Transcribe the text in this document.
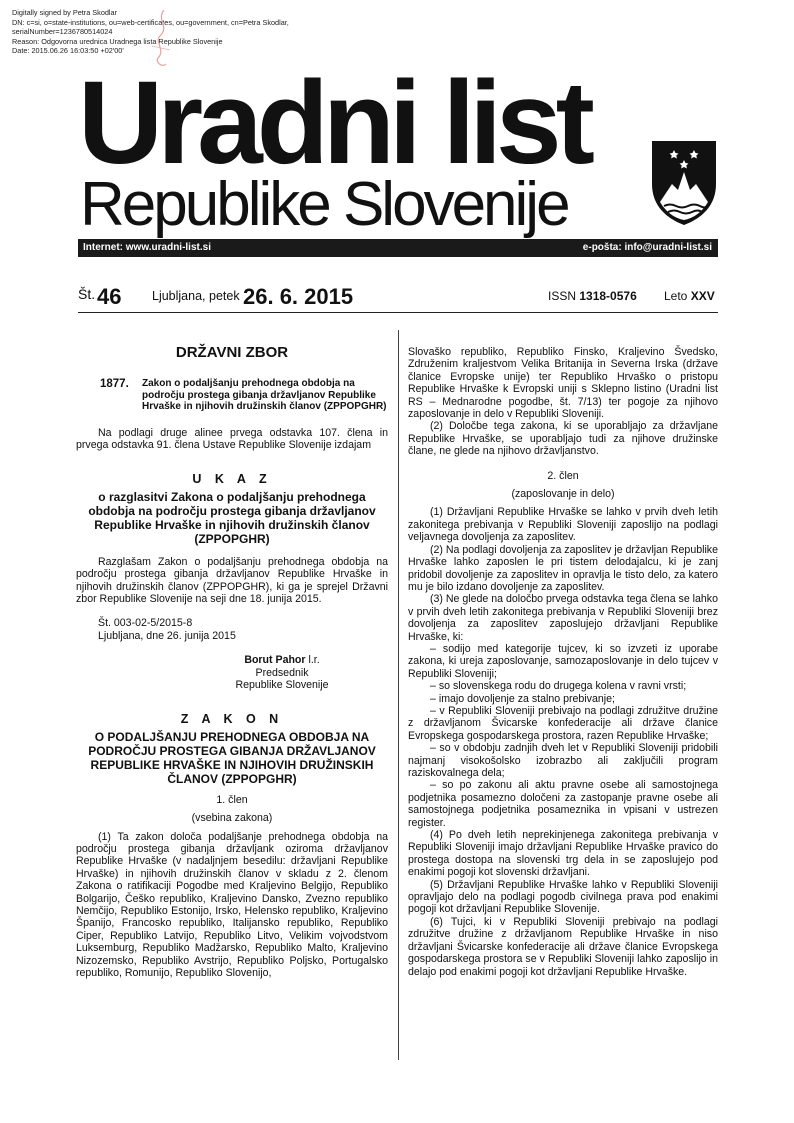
Digitally signed by Petra Skodlar
DN: c=si, o=state-institutions, ou=web-certificates, ou=government, cn=Petra Skodlar,
serialNumber=1236780514024
Reason: Odgovorna urednica Uradnega lista Republike Slovenije
Date: 2015.06.26 16:03:50 +02'00'
Uradni list
Republike Slovenije
Internet: www.uradni-list.si	e-pošta: info@uradni-list.si
Št. 46 Ljubljana, petek 26. 6. 2015	ISSN 1318-0576 Leto XXV
DRŽAVNI ZBOR
1877.	Zakon o podaljšanju prehodnega obdobja na področju prostega gibanja državljanov Republike Hrvaške in njihovih družinskih članov (ZPPOPGHR)

Na podlagi druge alinee prvega odstavka 107. člena in prvega odstavka 91. člena Ustave Republike Slovenije izdajam

U K A Z
o razglasitvi Zakona o podaljšanju prehodnega obdobja na področju prostega gibanja državljanov Republike Hrvaške in njihovih družinskih članov (ZPPOPGHR)

Razglašam Zakon o podaljšanju prehodnega obdobja na področju prostega gibanja državljanov Republike Hrvaške in njihovih družinskih članov (ZPPOPGHR), ki ga je sprejel Državni zbor Republike Slovenije na seji dne 18. junija 2015.

Št. 003-02-5/2015-8

Ljubljana, dne 26. junija 2015

Borut Pahor l.r.
Predsednik
Republike Slovenije
Z A K O N
O PODALJŠANJU PREHODNEGA OBDOBJA NA PODROČJU PROSTEGA GIBANJA DRŽAVLJANOV REPUBLIKE HRVAŠKE IN NJIHOVIH DRUŽINSKIH ČLANOV (ZPPOPGHR)
1. člen
(vsebina zakona)

(1) Ta zakon določa podaljšanje prehodnega obdobja na področju prostega gibanja državljank oziroma državljanov Republike Hrvaške (v nadaljnjem besedilu: državljani Republike Hrvaške) in njihovih družinskih članov v skladu z 2. členom Zakona o ratifikaciji Pogodbe med Kraljevino Belgijo, Republiko Bolgarijo, Češko republiko, Kraljevino Dansko, Zvezno republiko Nemčijo, Republiko Estonijo, Irsko, Helensko republiko, Kraljevino Španijo, Francosko republiko, Italijansko republiko, Republiko Ciper, Republiko Latvijo, Republiko Litvo, Velikim vojvodstvom Luksemburg, Republiko Madžarsko, Republiko Malto, Kraljevino Nizozemsko, Republiko Avstrijo, Republiko Poljsko, Portugalsko republiko, Romunijo, Republiko Slovenijo,

Slovaško republiko, Republiko Finsko, Kraljevino Švedsko, Združenim kraljestvom Velika Britanija in Severna Irska (države članice Evropske unije) ter Republiko Hrvaško o pristopu Republike Hrvaške k Evropski uniji s Sklepno listino (Uradni list RS – Mednarodne pogodbe, št. 7/13) ter pogoje za njihovo zaposlovanje in delo v Republiki Sloveniji.

(2) Določbe tega zakona, ki se uporabljajo za državljane Republike Hrvaške, se uporabljajo tudi za njihove družinske člane, ne glede na njihovo državljanstvo.

2. člen
(zaposlovanje in delo)

(1) Državljani Republike Hrvaške se lahko v prvih dveh letih zakonitega prebivanja v Republiki Sloveniji zaposlijo na podlagi veljavnega dovoljenja za zaposlitev.

(2) Na podlagi dovoljenja za zaposlitev je državljan Republike Hrvaške lahko zaposlen le pri tistem delodajalcu, ki je zanj pridobil dovoljenje za zaposlitev in opravlja le tisto delo, za katero mu je bilo izdano dovoljenje za zaposlitev.

(3) Ne glede na določbo prvega odstavka tega člena se lahko v prvih dveh letih zakonitega prebivanja v Republiki Sloveniji brez dovoljenja za zaposlitev zaposlujejo državljani Republike Hrvaške, ki:

– sodijo med kategorije tujcev, ki so izvzeti iz uporabe zakona, ki ureja zaposlovanje, samozaposlovanje in delo tujcev v Republiki Sloveniji;

– so slovenskega rodu do drugega kolena v ravni vrsti;

– imajo dovoljenje za stalno prebivanje;

– v Republiki Sloveniji prebivajo na podlagi združitve družine z državljanom Švicarske konfederacije ali države članice Evropskega gospodarskega prostora, razen Republike Hrvaške;

– so v obdobju zadnjih dveh let v Republiki Sloveniji pridobili najmanj visokošolsko izobrazbo ali zaključili program raziskovalnega dela;

– so po zakonu ali aktu pravne osebe ali samostojnega podjetnika posamezno določeni za zastopanje pravne osebe ali samostojnega podjetnika posameznika in vpisani v ustrezen register.

(4) Po dveh letih neprekinjenega zakonitega prebivanja v Republiki Sloveniji imajo državljani Republike Hrvaške pravico do prostega dostopa na slovenski trg dela in se zaposlujejo pod enakimi pogoji kot slovenski državljani.

(5) Državljani Republike Hrvaške lahko v Republiki Sloveniji opravljajo delo na podlagi pogodb civilnega prava pod enakimi pogoji kot državljani Republike Slovenije.

(6) Tujci, ki v Republiki Sloveniji prebivajo na podlagi združitve družine z državljanom Republike Hrvaške in niso državljani Švicarske konfederacije ali države članice Evropskega gospodarskega prostora se v Republiki Sloveniji lahko zaposlijo in delajo pod enakimi pogoji kot državljani Republike Hrvaške.
